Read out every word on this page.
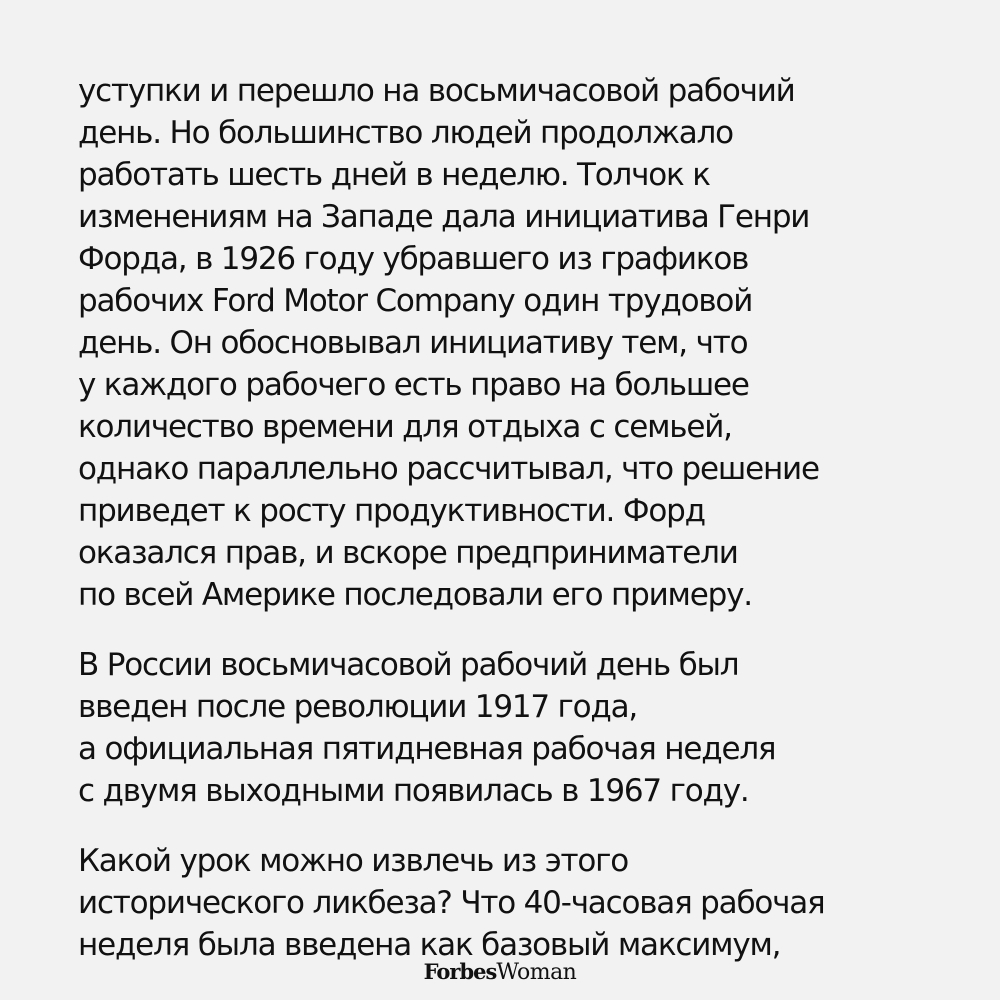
уступки и перешло на восьмичасовой рабочий
день. Но большинство людей продолжало
работать шесть дней в неделю. Толчок к
изменениям на Западе дала инициатива Генри
Форда, в 1926 году убравшего из графиков
рабочих Ford Motor Company один трудовой
день. Он обосновывал инициативу тем, что
у каждого рабочего есть право на большее
количество времени для отдыха с семьей,
однако параллельно рассчитывал, что решение
приведет к росту продуктивности. Форд
оказался прав, и вскоре предприниматели
по всей Америке последовали его примеру.

В России восьмичасовой рабочий день был
введен после революции 1917 года,
а официальная пятидневная рабочая неделя
с двумя выходными появилась в 1967 году.

Какой урок можно извлечь из этого
исторического ликбеза? Что 40-часовая рабочая
неделя была введена как базовый максимум,

ForbesWoman
